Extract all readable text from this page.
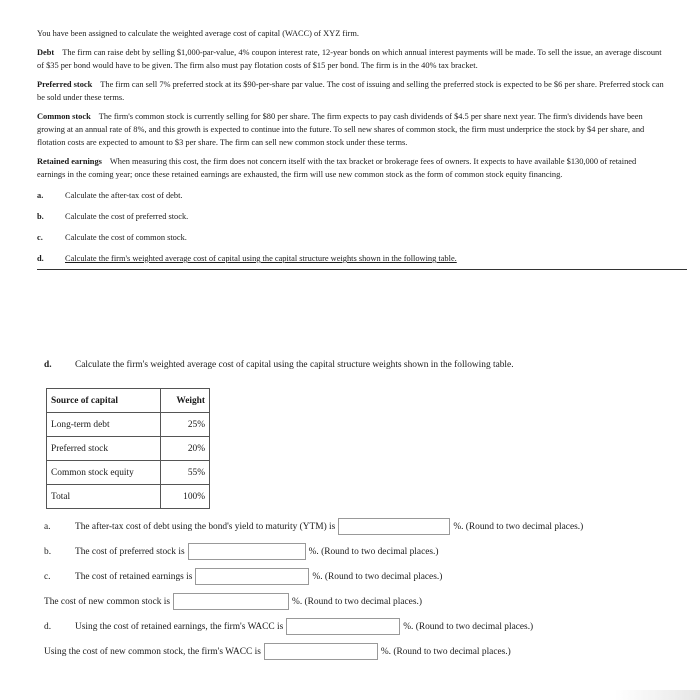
You have been assigned to calculate the weighted average cost of capital (WACC) of XYZ firm.

Debt The firm can raise debt by selling $1,000-par-value, 4% coupon interest rate, 12-year bonds on which annual interest payments will be made. To sell the issue, an average discount of $35 per bond would have to be given. The firm also must pay flotation costs of $15 per bond. The firm is in the 40% tax bracket.

Preferred stock The firm can sell 7% preferred stock at its $90-per-share par value. The cost of issuing and selling the preferred stock is expected to be $6 per share. Preferred stock can be sold under these terms.

Common stock The firm's common stock is currently selling for $80 per share. The firm expects to pay cash dividends of $4.5 per share next year. The firm's dividends have been growing at an annual rate of 8%, and this growth is expected to continue into the future. To sell new shares of common stock, the firm must underprice the stock by $4 per share, and flotation costs are expected to amount to $3 per share. The firm can sell new common stock under these terms.

Retained earnings When measuring this cost, the firm does not concern itself with the tax bracket or brokerage fees of owners. It expects to have available $130,000 of retained earnings in the coming year; once these retained earnings are exhausted, the firm will use new common stock as the form of common stock equity financing.

a.	Calculate the after-tax cost of debt.
b.	Calculate the cost of preferred stock.
c.	Calculate the cost of common stock.
d.	Calculate the firm's weighted average cost of capital using the capital structure weights shown in the following table.
d.	Calculate the firm's weighted average cost of capital using the capital structure weights shown in the following table.
Source of capital	Weight
Long-term debt	25%
Preferred stock	20%
Common stock equity	55%
Total	100%
a.	The after-tax cost of debt using the bond's yield to maturity (YTM) is	%. (Round to two decimal places.)
b.	The cost of preferred stock is	%. (Round to two decimal places.)
c.	The cost of retained earnings is	%. (Round to two decimal places.)
The cost of new common stock is	%. (Round to two decimal places.)
d.	Using the cost of retained earnings, the firm's WACC is	%. (Round to two decimal places.)
Using the cost of new common stock, the firm's WACC is	%. (Round to two decimal places.)
